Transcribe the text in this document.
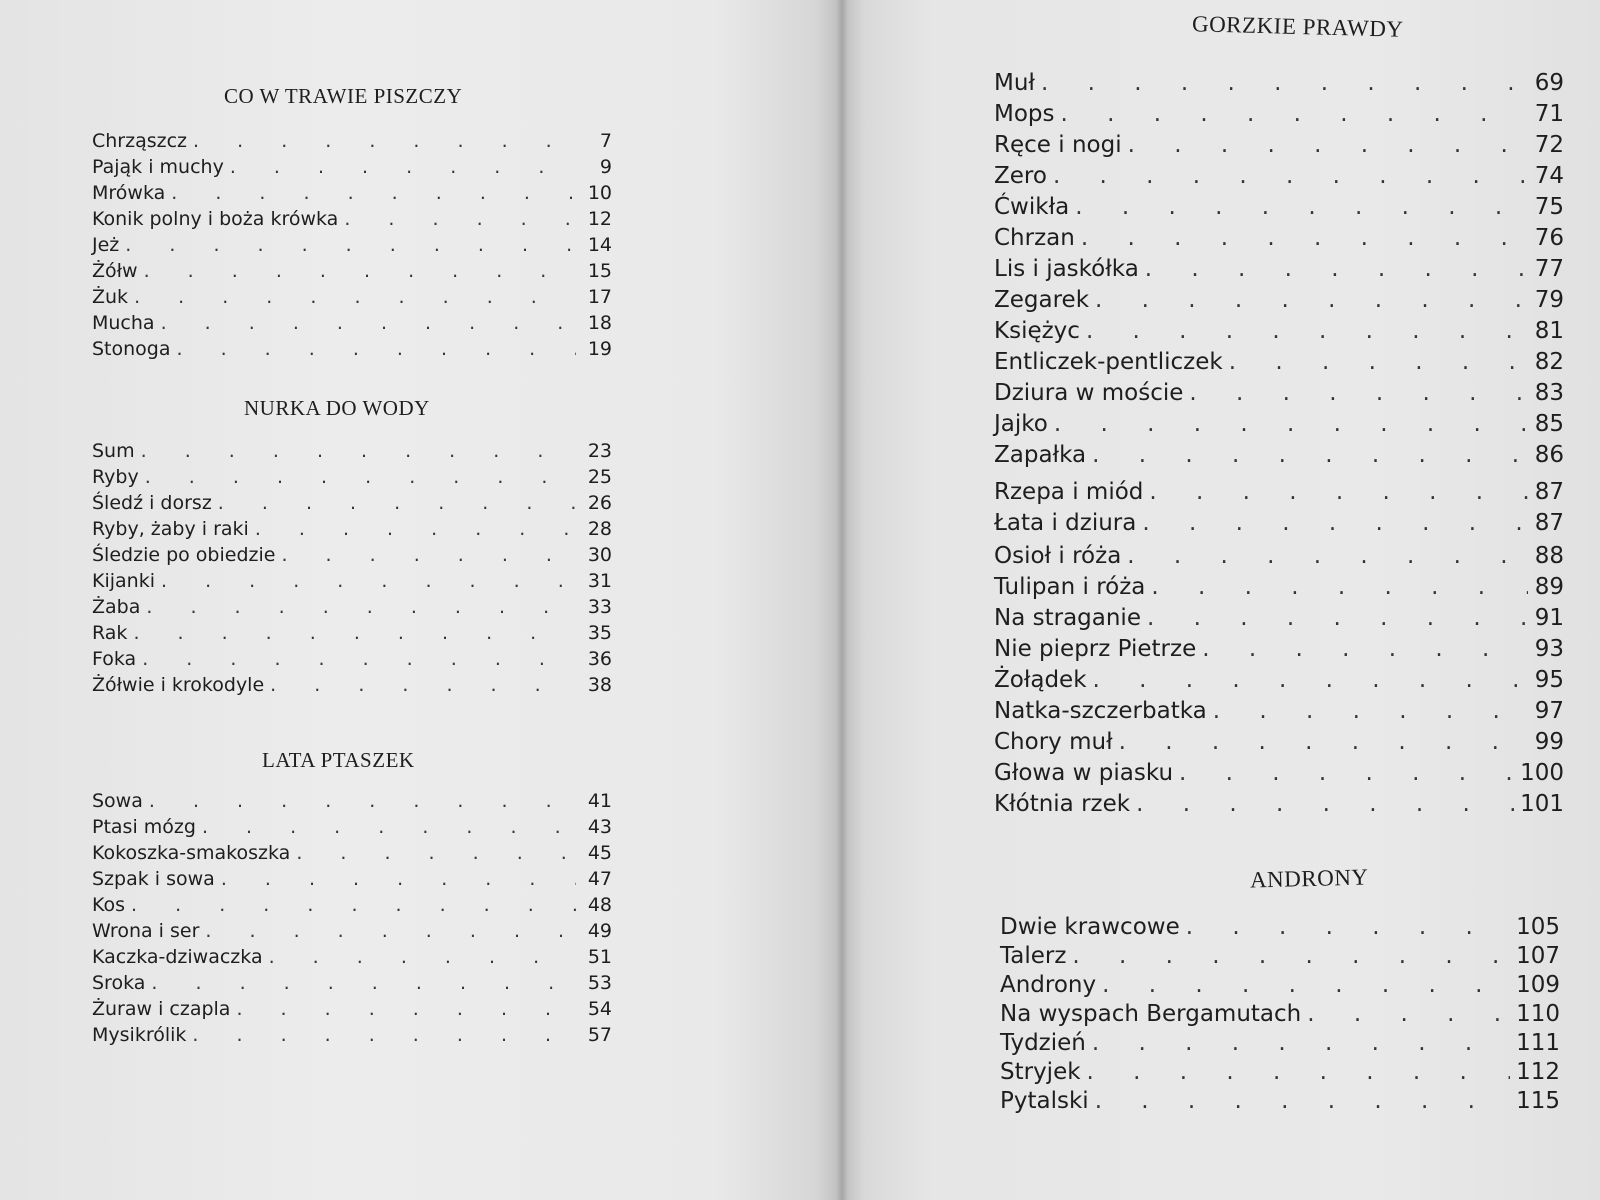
CO W TRAWIE PISZCZY
Chrząszcz . . .	7
Pająk i muchy . . .	9
Mrówka . . .	10
Konik polny i boża krówka . . .	12
Jeż . . .	14
Żółw . . .	15
Żuk . . .	17
Mucha . . .	18
Stonoga . . .	19
NURKA DO WODY
Sum . . .	23
Ryby . . .	25
Śledź i dorsz . . .	26
Ryby, żaby i raki . . .	28
Śledzie po obiedzie . . .	30
Kijanki . . .	31
Żaba . . .	33
Rak . . .	35
Foka . . .	36
Żółwie i krokodyle . . .	38
LATA PTASZEK
Sowa . . .	41
Ptasi mózg . . .	43
Kokoszka-smakoszka . . .	45
Szpak i sowa . . .	47
Kos . . .	48
Wrona i ser . . .	49
Kaczka-dziwaczka . . .	51
Sroka . . .	53
Żuraw i czapla . . .	54
Mysikrólik . . .	57
GORZKIE PRAWDY
Muł . . .	69
Mops . . .	71
Ręce i nogi . . .	72
Zero . . .	74
Ćwikła . . .	75
Chrzan . . .	76
Lis i jaskółka . . .	77
Zegarek . . .	79
Księżyc . . .	81
Entliczek-pentliczek . . .	82
Dziura w moście . . .	83
Jajko . . .	85
Zapałka . . .	86
Rzepa i miód . . .	87
Łata i dziura . . .	87
Osioł i róża . . .	88
Tulipan i róża . . .	89
Na straganie . . .	91
Nie pieprz Pietrze . . .	93
Żołądek . . .	95
Natka-szczerbatka . . .	97
Chory muł . . .	99
Głowa w piasku . . .	100
Kłótnia rzek . . .	101
ANDRONY
Dwie krawcowe . . .	105
Talerz . . .	107
Androny . . .	109
Na wyspach Bergamutach . . .	110
Tydzień . . .	111
Stryjek . . .	112
Pytalski . . .	115
